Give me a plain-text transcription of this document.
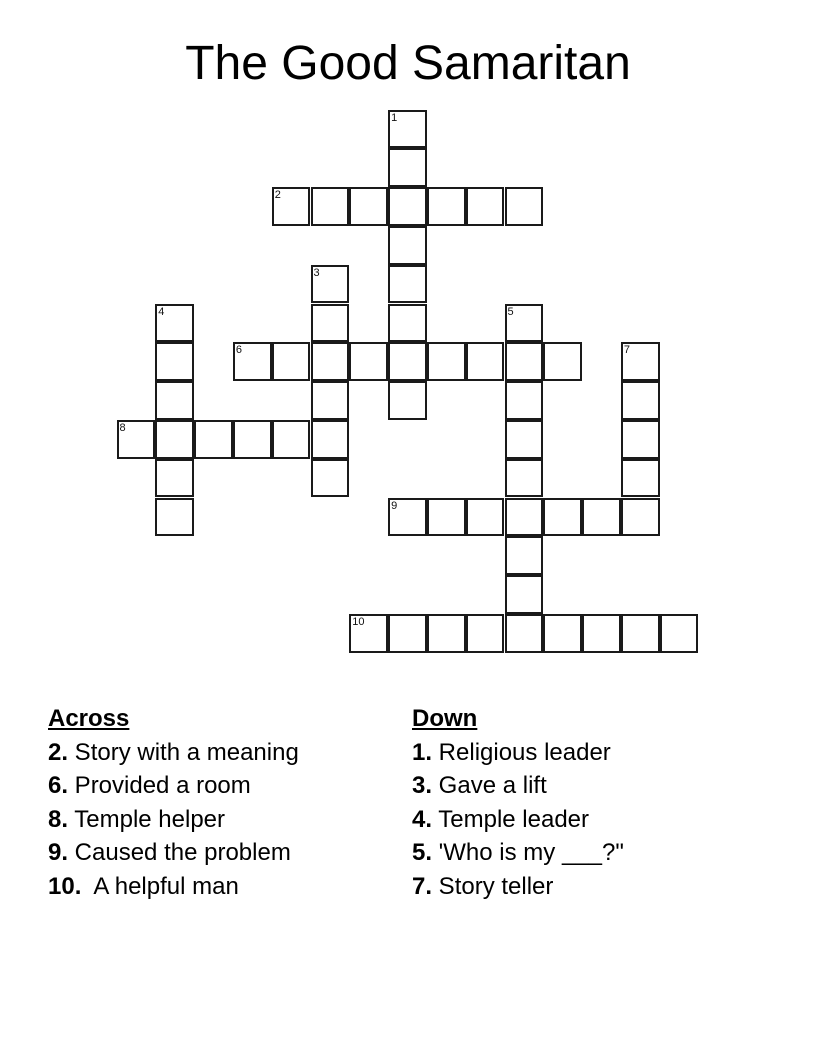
The Good Samaritan
1
2
3
4	5
6	7
8
9
10
Across
2. Story with a meaning
6. Provided a room
8. Temple helper
9. Caused the problem
10.  A helpful man
Down
1. Religious leader
3. Gave a lift
4. Temple leader
5. 'Who is my ___?"
7. Story teller
